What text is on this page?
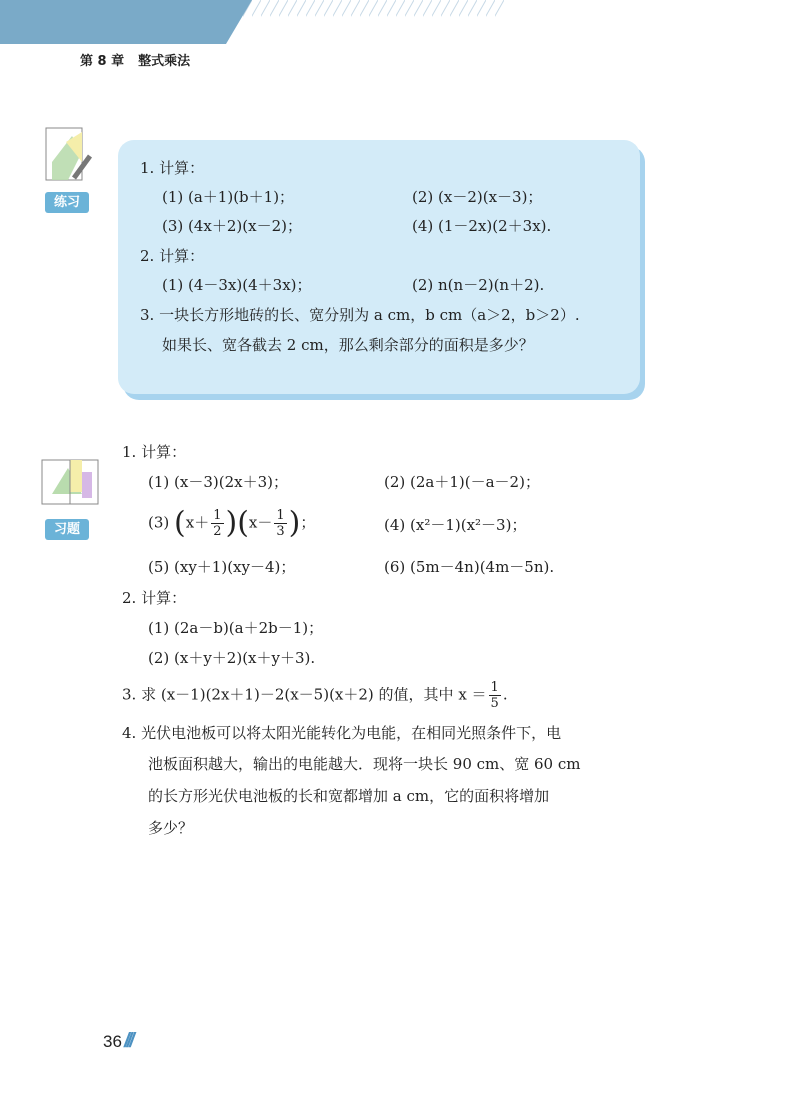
第 8 章 整式乘法
练习
1. 计算：
(1) (a＋1)(b＋1)；	(2) (x－2)(x－3)；
(3) (4x＋2)(x－2)；	(4) (1－2x)(2＋3x).
2. 计算：
(1) (4－3x)(4＋3x)；	(2) n(n－2)(n＋2).
3. 一块长方形地砖的长、宽分别为 a cm，b cm（a＞2，b＞2）.
如果长、宽各截去 2 cm，那么剩余部分的面积是多少？
习题
1. 计算：
(1) (x－3)(2x＋3)；	(2) (2a＋1)(－a－2)；
(3) $(x+ \frac{1}{2} )(x- \frac{1}{3}$ )；	(4) (x²－1)(x²－3)；
(5) (xy＋1)(xy－4)；	(6) (5m－4n)(4m－5n).
2. 计算：
(1) (2a－b)(a＋2b－1)；
(2) (x＋y＋2)(x＋y＋3).
3. 求 (x－1)(2x＋1)－2(x－5)(x＋2) 的值，其中 $x = \frac{1}{5}$ .
4. 光伏电池板可以将太阳光能转化为电能，在相同光照条件下，电
池板面积越大，输出的电能越大．现将一块长 90 cm、宽 60 cm
的长方形光伏电池板的长和宽都增加 a cm，它的面积将增加
多少？
36 ///
